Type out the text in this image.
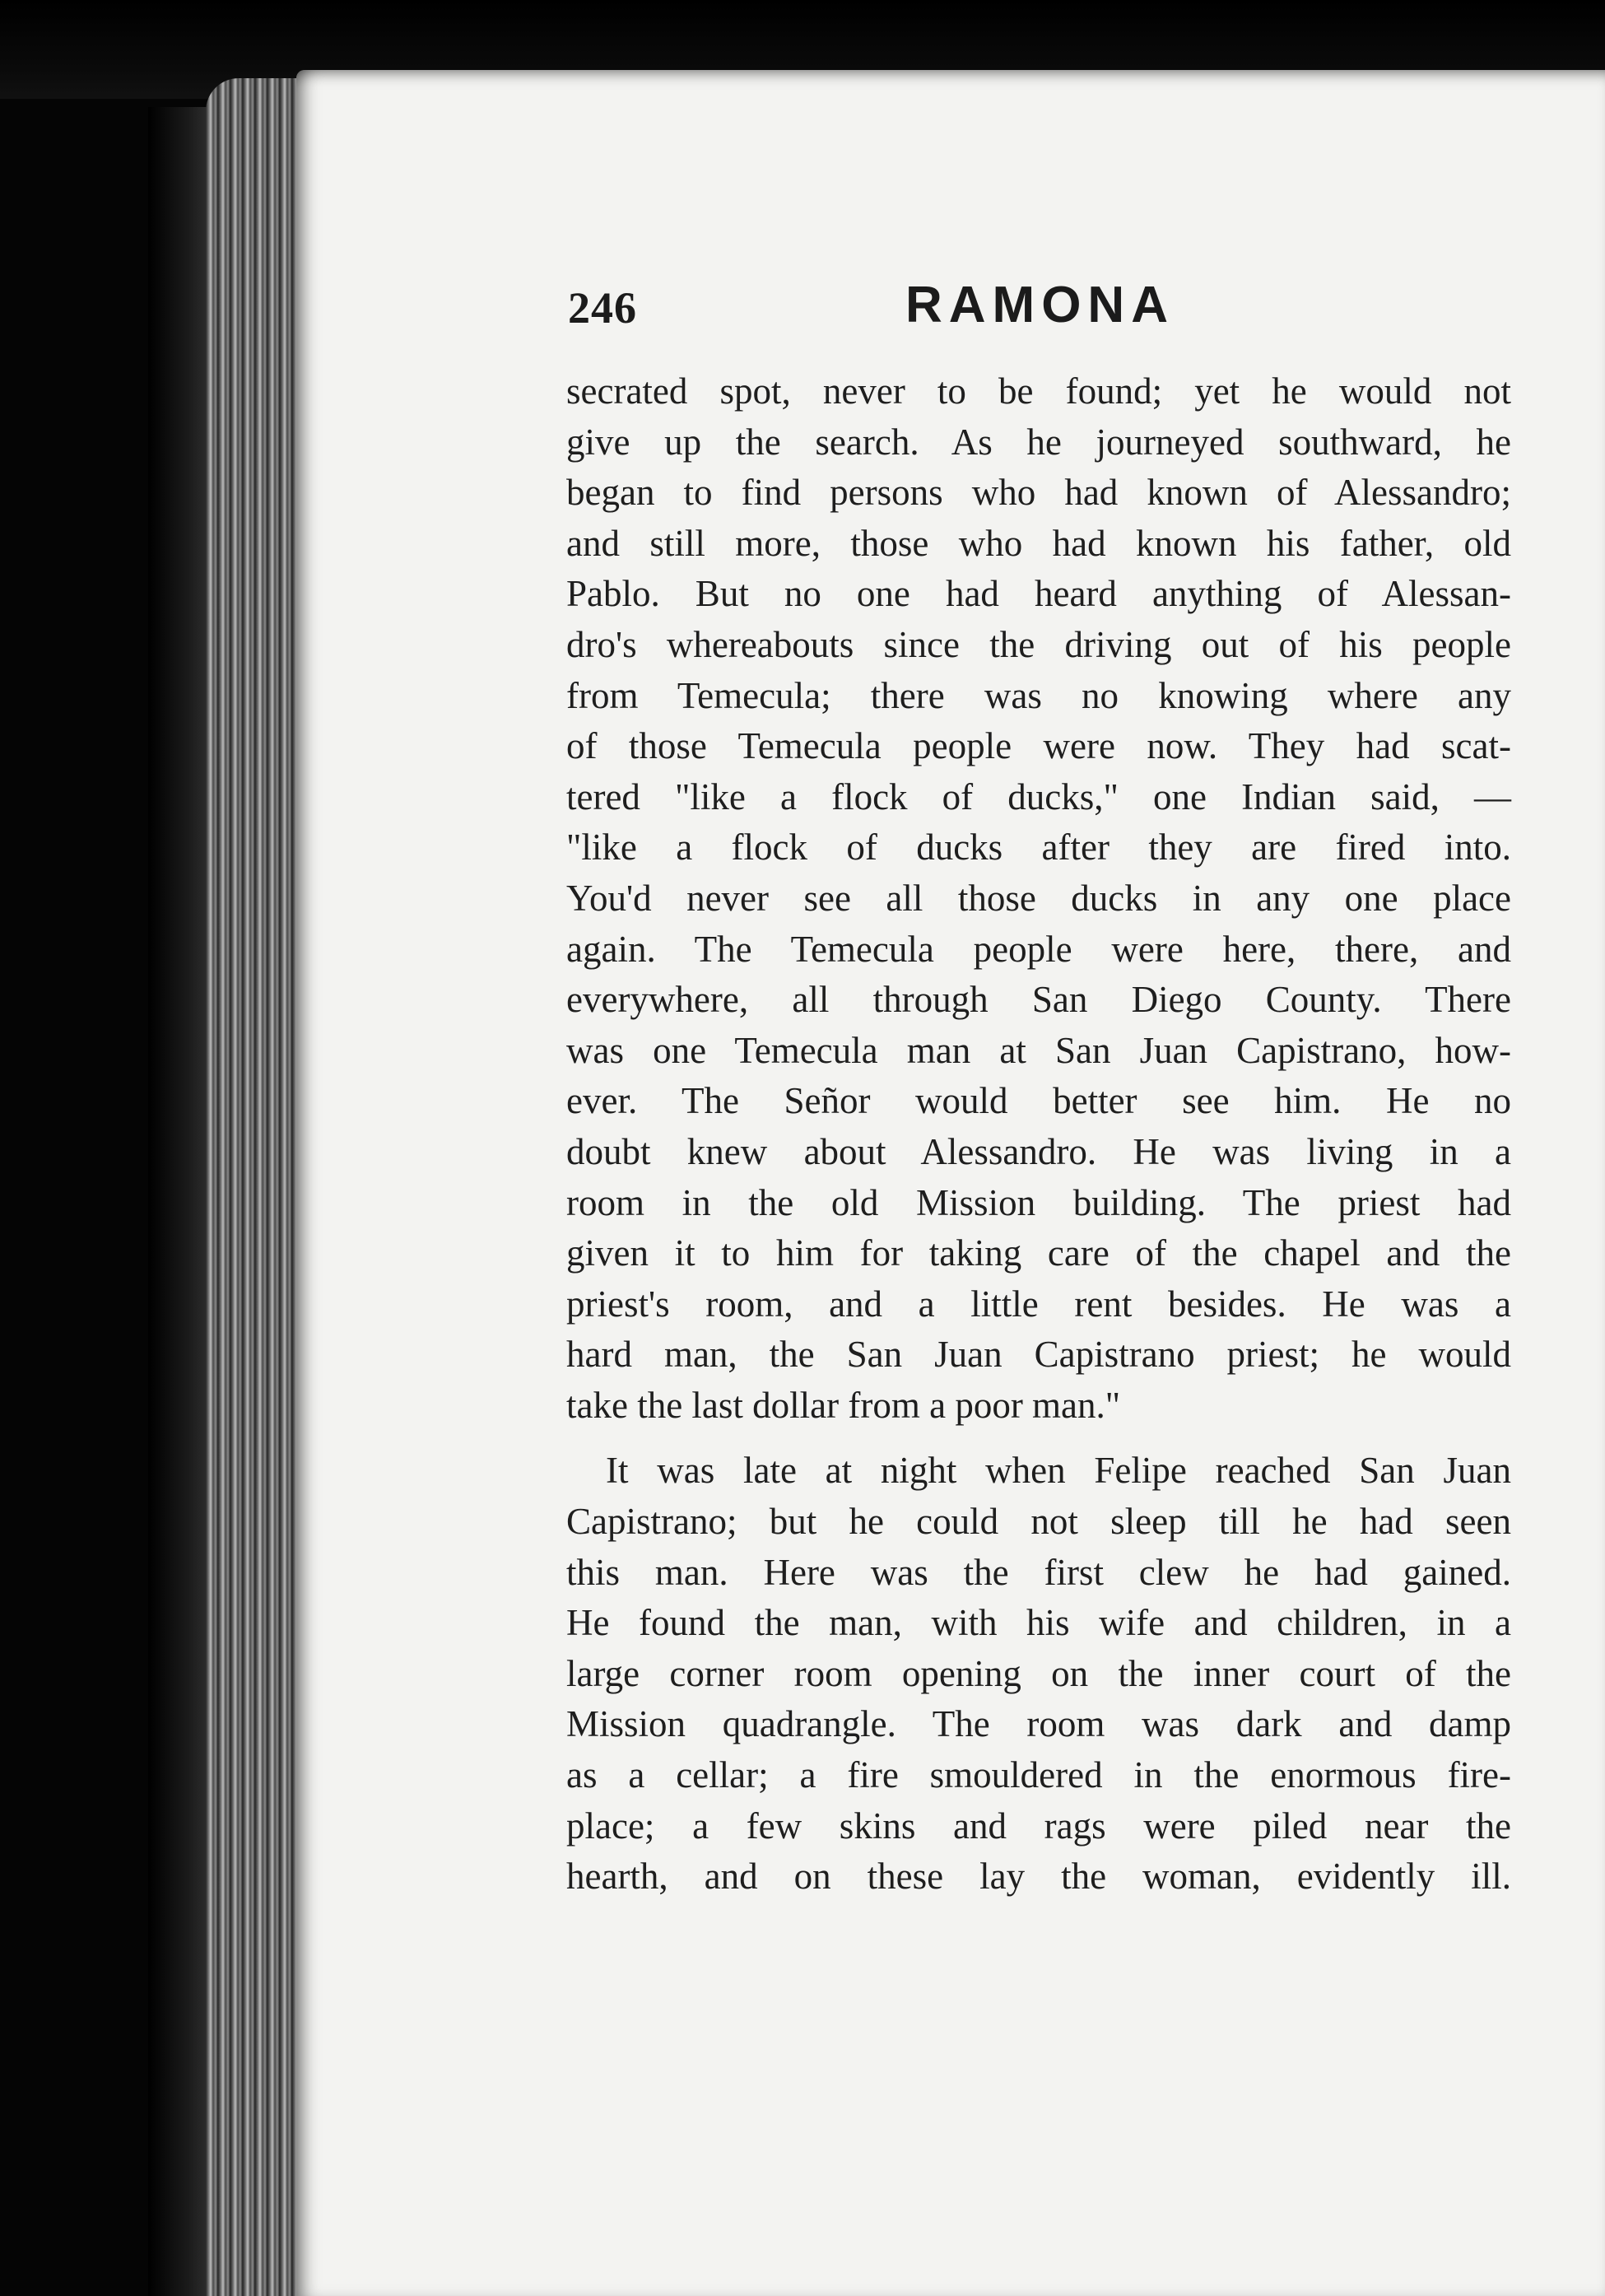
246	RAMONA
secrated spot, never to be found; yet he would not
give up the search. As he journeyed southward, he
began to find persons who had known of Alessandro;
and still more, those who had known his father, old
Pablo. But no one had heard anything of Alessan-
dro's whereabouts since the driving out of his people
from Temecula; there was no knowing where any
of those Temecula people were now. They had scat-
tered "like a flock of ducks," one Indian said, —
"like a flock of ducks after they are fired into.
You'd never see all those ducks in any one place
again. The Temecula people were here, there, and
everywhere, all through San Diego County. There
was one Temecula man at San Juan Capistrano, how-
ever. The Señor would better see him. He no
doubt knew about Alessandro. He was living in a
room in the old Mission building. The priest had
given it to him for taking care of the chapel and the
priest's room, and a little rent besides. He was a
hard man, the San Juan Capistrano priest; he would
take the last dollar from a poor man."
It was late at night when Felipe reached San Juan
Capistrano; but he could not sleep till he had seen
this man. Here was the first clew he had gained.
He found the man, with his wife and children, in a
large corner room opening on the inner court of the
Mission quadrangle. The room was dark and damp
as a cellar; a fire smouldered in the enormous fire-
place; a few skins and rags were piled near the
hearth, and on these lay the woman, evidently ill.
